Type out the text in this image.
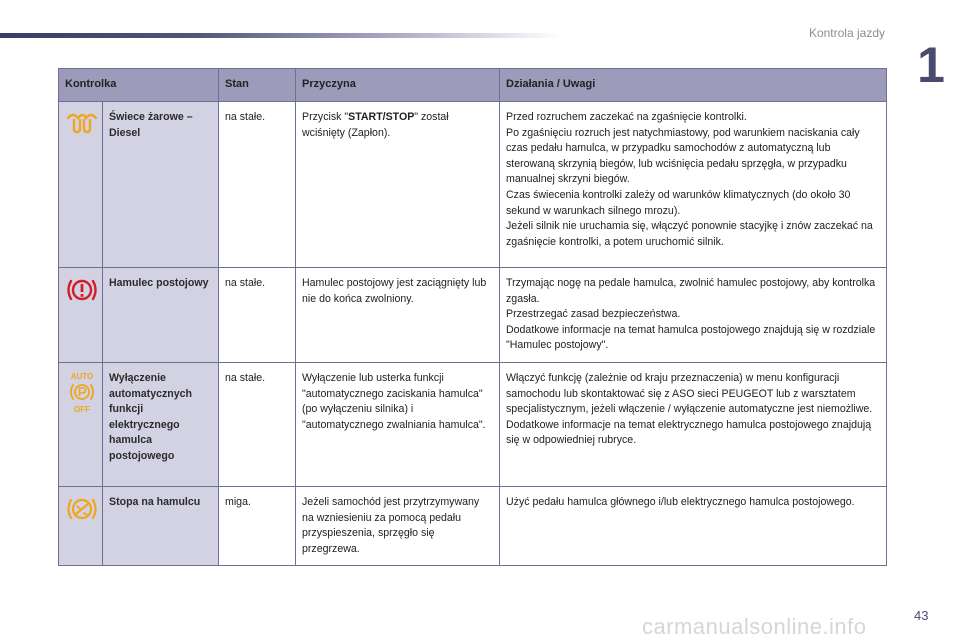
Kontrola jazdy
1
Kontrolka		Stan	Przyczyna	Działania / Uwagi

	Świece żarowe – Diesel	na stałe.	Przycisk "START/STOP" został wciśnięty (Zapłon).	Przed rozruchem zaczekać na zgaśnięcie kontrolki.
Po zgaśnięciu rozruch jest natychmiastowy, pod warunkiem naciskania cały czas pedału hamulca, w przypadku samochodów z automatyczną lub sterowaną skrzynią biegów, lub wciśnięcia pedału sprzęgła, w przypadku manualnej skrzyni biegów.
Czas świecenia kontrolki zależy od warunków klimatycznych (do około 30 sekund w warunkach silnego mrozu).
Jeżeli silnik nie uruchamia się, włączyć ponownie stacyjkę i znów zaczekać na zgaśnięcie kontrolki, a potem uruchomić silnik.

	Hamulec postojowy	na stałe.	Hamulec postojowy jest zaciągnięty lub nie do końca zwolniony.	Trzymając nogę na pedale hamulca, zwolnić hamulec postojowy, aby kontrolka zgasła.
Przestrzegać zasad bezpieczeństwa.
Dodatkowe informacje na temat hamulca postojowego znajdują się w rozdziale "Hamulec postojowy".

AUTO
OFF	Wyłączenie automatycznych funkcji elektrycznego hamulca postojowego	na stałe.	Wyłączenie lub usterka funkcji "automatycznego zaciskania hamulca" (po wyłączeniu silnika) i "automatycznego zwalniania hamulca".	Włączyć funkcję (zależnie od kraju przeznaczenia) w menu konfiguracji samochodu lub skontaktować się z ASO sieci PEUGEOT lub z warsztatem specjalistycznym, jeżeli włączenie / wyłączenie automatyczne jest niemożliwe.
Dodatkowe informacje na temat elektrycznego hamulca postojowego znajdują się w odpowiedniej rubryce.

	Stopa na hamulcu	miga.	Jeżeli samochód jest przytrzymywany na wzniesieniu za pomocą pedału przyspieszenia, sprzęgło się przegrzewa.	Użyć pedału hamulca głównego i/lub elektrycznego hamulca postojowego.
carmanualsonline.info	43
